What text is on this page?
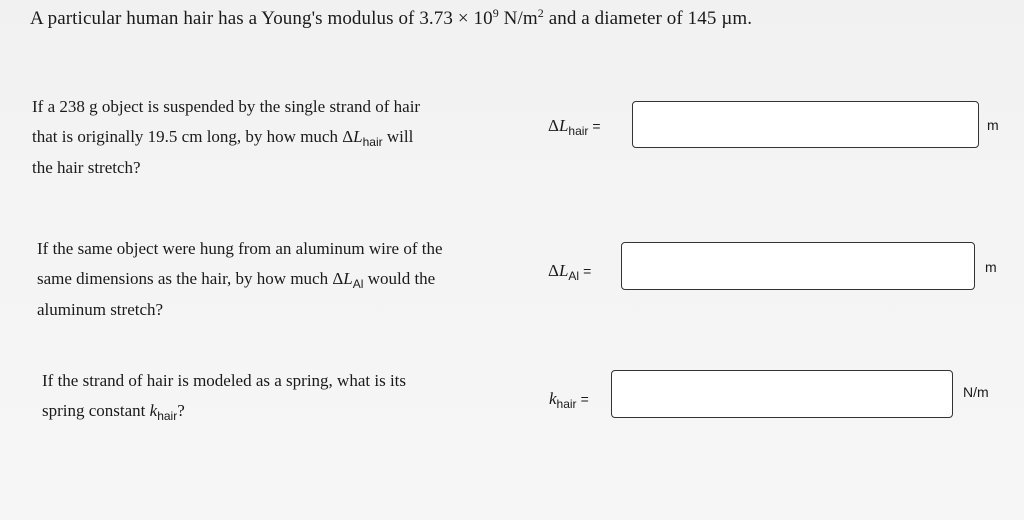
A particular human hair has a Young's modulus of $3.73 \times 10^9$ $N/m^2$ and a diameter of 145 µm.
If a 238 g object is suspended by the single strand of hair
that is originally 19.5 cm long, by how much $\Delta L_{hair}$ will
the hair stretch?
$\Delta L_{hair}$ =	m
If the same object were hung from an aluminum wire of the
same dimensions as the hair, by how much $\Delta L_{Al}$ would the
aluminum stretch?
$\Delta L_{Al}$ =	m
If the strand of hair is modeled as a spring, what is its
spring constant $k_{hair}$?
$k_{hair}$ =	N/m
